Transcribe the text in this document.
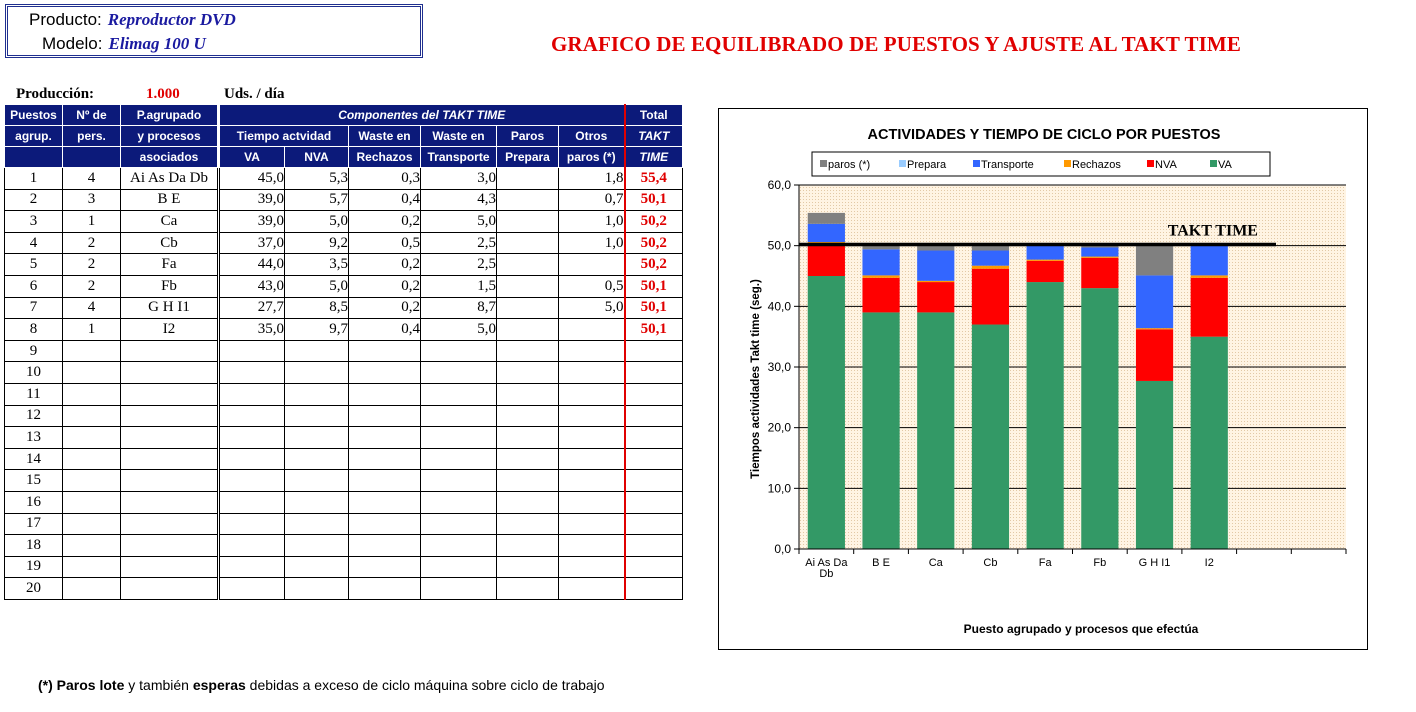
Producto: Reproductor DVD
Modelo: Elimag 100 U	GRAFICO DE EQUILIBRADO DE PUESTOS Y AJUSTE AL TAKT TIME
Producción:	1.000	Uds. / día
Puestos	Nº de	P.agrupado	Componentes del TAKT TIME						Total
agrup.	pers.	y procesos	Tiempo actvidad		Waste en	Waste en	Paros	Otros	TAKT
		asociados	VA	NVA	Rechazos	Transporte	Prepara	paros (*)	TIME
1	4	Ai As Da Db	45,0	5,3	0,3	3,0		1,8	55,4
2	3	B E	39,0	5,7	0,4	4,3		0,7	50,1
3	1	Ca	39,0	5,0	0,2	5,0		1,0	50,2
4	2	Cb	37,0	9,2	0,5	2,5		1,0	50,2
5	2	Fa	44,0	3,5	0,2	2,5			50,2
6	2	Fb	43,0	5,0	0,2	1,5		0,5	50,1
7	4	G H I1	27,7	8,5	0,2	8,7		5,0	50,1
8	1	I2	35,0	9,7	0,4	5,0			50,1
9									
10									
11									
12									
13									
14									
15									
16									
17									
18									
19									
20									
ACTIVIDADES Y TIEMPO DE CICLO POR PUESTOS
paros (*)	Prepara	Transporte	Rechazos	NVA	VA
0,0
10,0
20,0
30,0
40,0
50,0
60,0
Ai As Da
Db
B E	Ca	Cb	Fa	Fb	G H I1	I2
TAKT TIME
Tiempos actividades Takt time (seg.)
Puesto agrupado y procesos que efectúa
(*) Paros lote y también esperas debidas a exceso de ciclo máquina sobre ciclo de trabajo
